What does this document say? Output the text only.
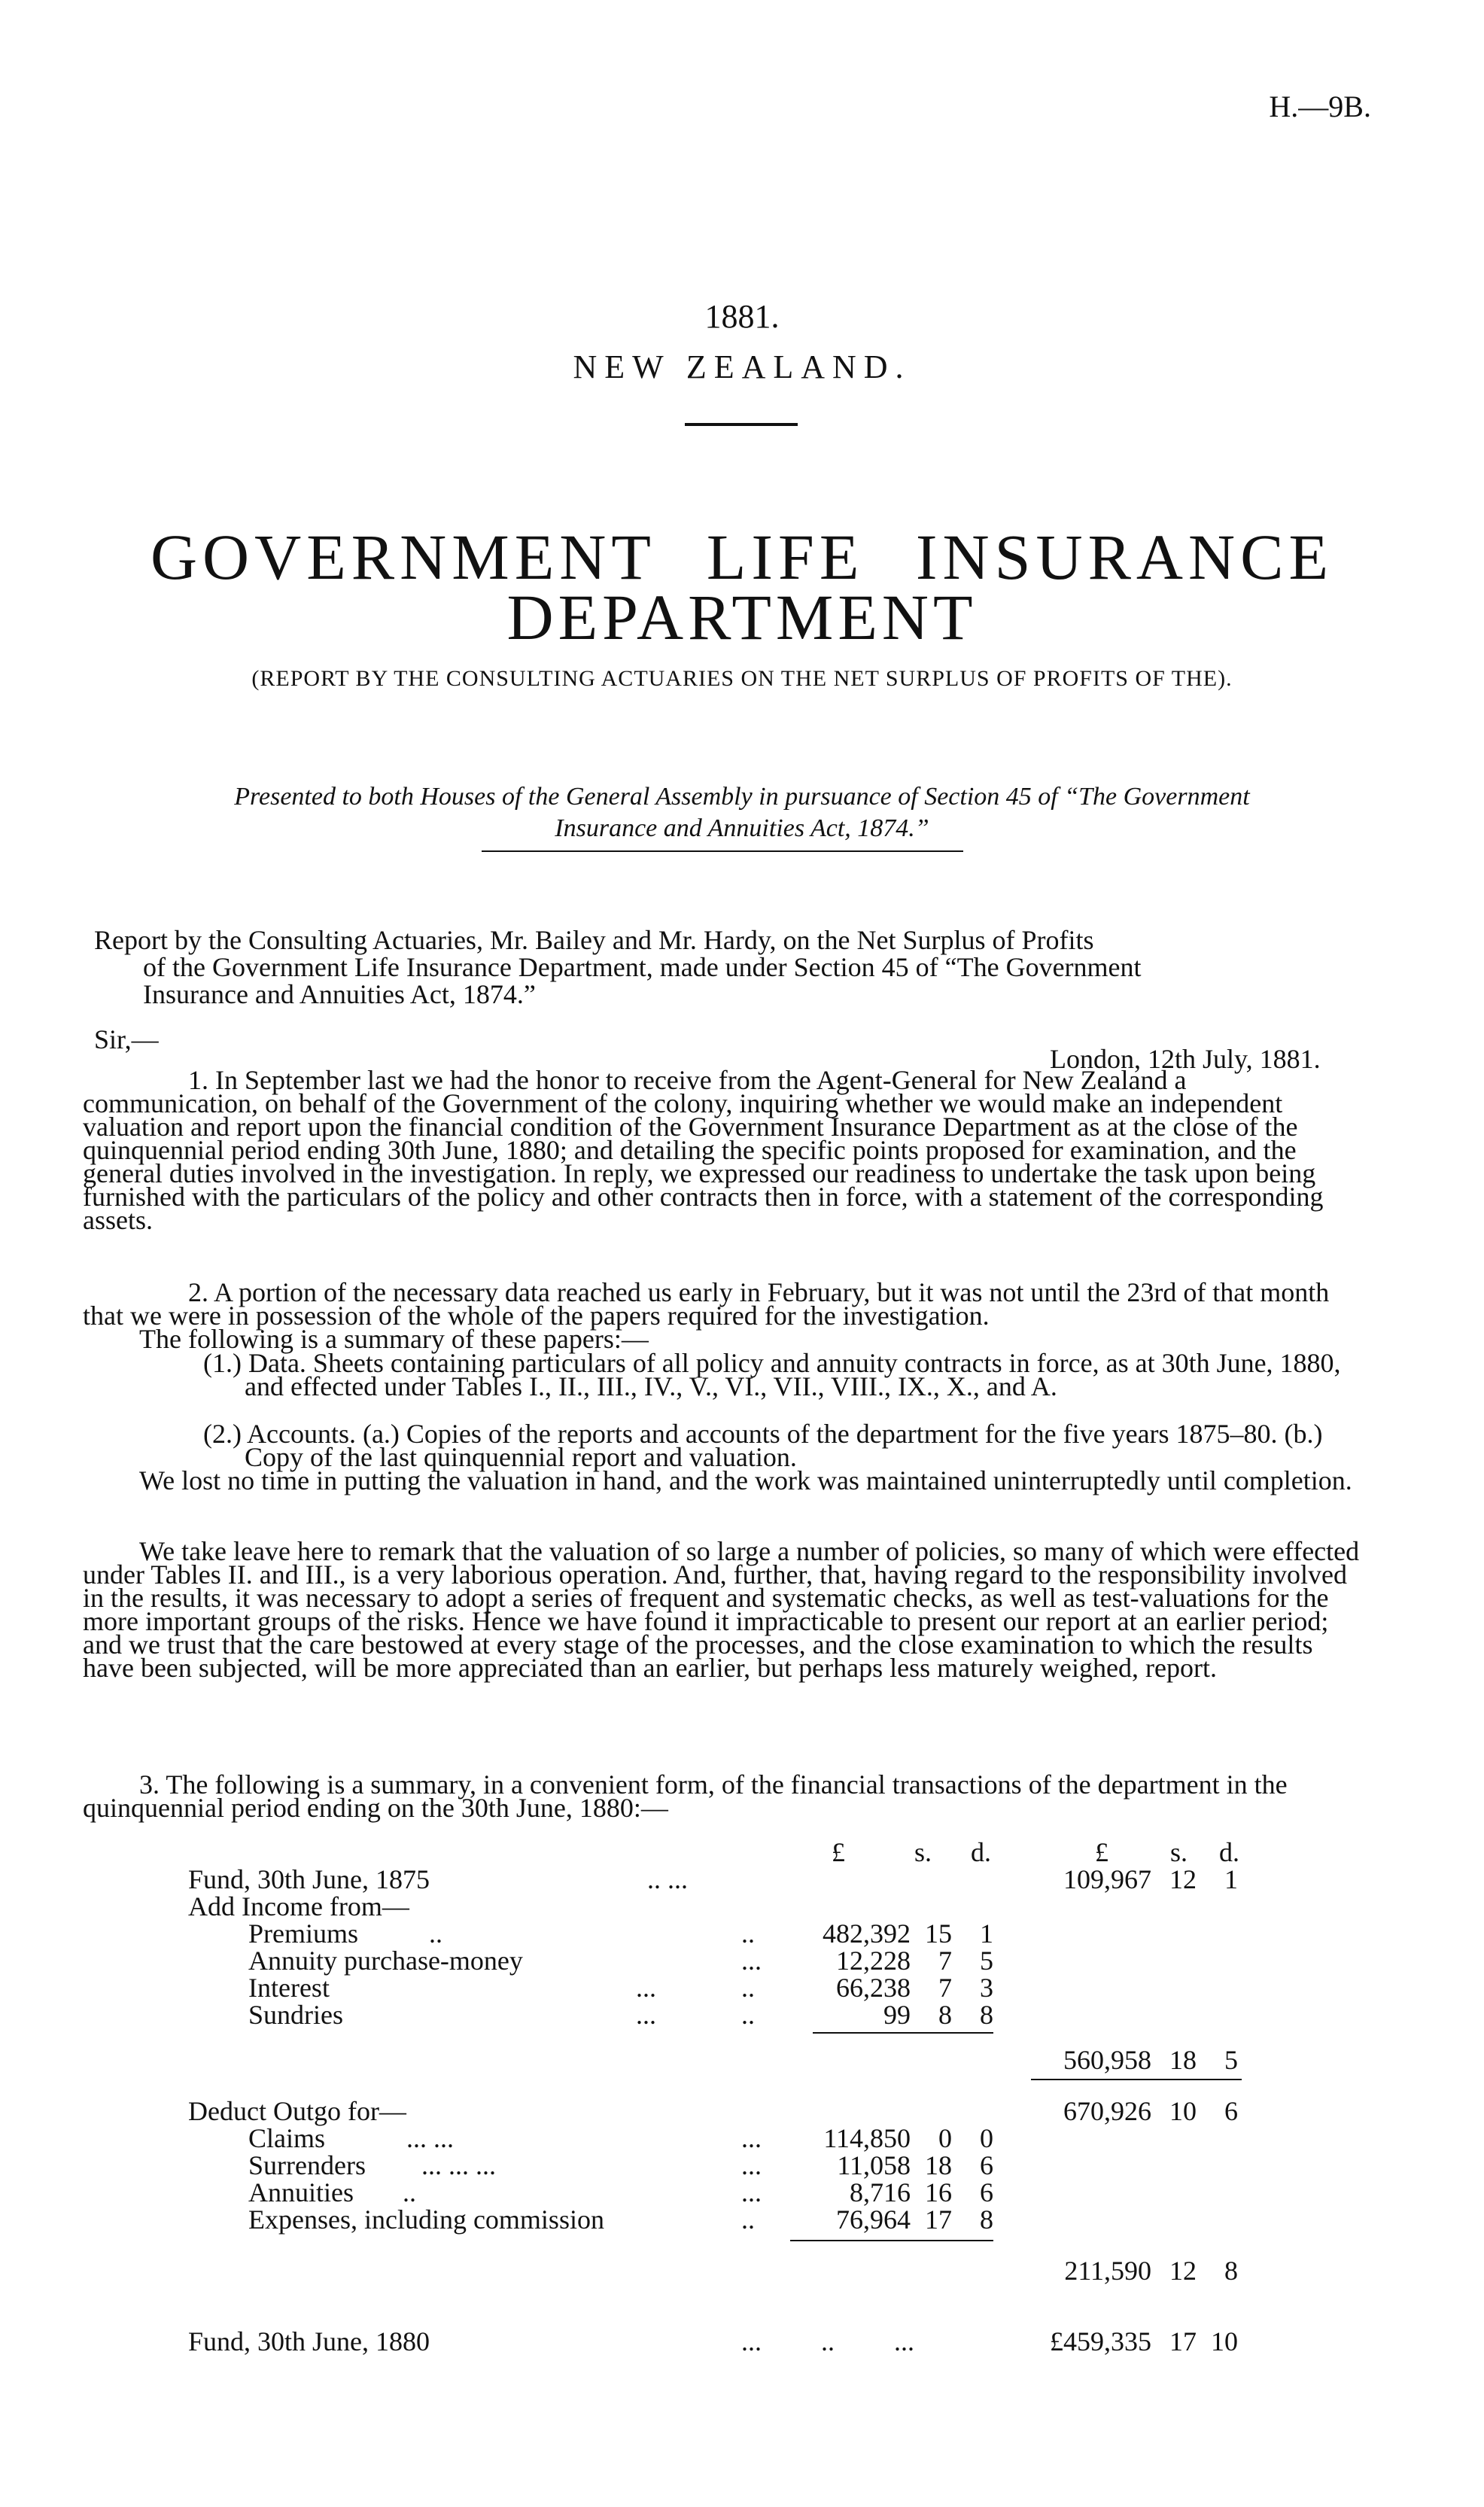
H.—9B.
1881.
NEW ZEALAND.
GOVERNMENT LIFE INSURANCE
DEPARTMENT
(REPORT BY THE CONSULTING ACTUARIES ON THE NET SURPLUS OF PROFITS OF THE).
Presented to both Houses of the General Assembly in pursuance of Section 45 of “The Government
Insurance and Annuities Act, 1874.”
Report by the Consulting Actuaries, Mr. Bailey and Mr. Hardy, on the Net Surplus of Profits
of the Government Life Insurance Department, made under Section 45 of “The Government
Insurance and Annuities Act, 1874.”
Sir,—
London, 12th July, 1881.
1. In September last we had the honor to receive from the Agent-General for New Zealand a communication, on behalf of the Government of the colony, inquiring whether we would make an independent valuation and report upon the financial condition of the Government Insurance Department as at the close of the quinquennial period ending 30th June, 1880; and detailing the specific points proposed for examination, and the general duties involved in the investigation. In reply, we expressed our readiness to undertake the task upon being furnished with the particulars of the policy and other contracts then in force, with a statement of the corresponding assets.
2. A portion of the necessary data reached us early in February, but it was not until the 23rd of that month that we were in possession of the whole of the papers required for the investigation.
The following is a summary of these papers:—
(1.) Data. Sheets containing particulars of all policy and annuity contracts in force, as at 30th June, 1880, and effected under Tables I., II., III., IV., V., VI., VII., VIII., IX., X., and A.
(2.) Accounts. (a.) Copies of the reports and accounts of the department for the five years 1875–80. (b.) Copy of the last quinquennial report and valuation.
We lost no time in putting the valuation in hand, and the work was maintained uninterruptedly until completion.
We take leave here to remark that the valuation of so large a number of policies, so many of which were effected under Tables II. and III., is a very laborious operation. And, further, that, having regard to the responsibility involved in the results, it was necessary to adopt a series of frequent and systematic checks, as well as test-valuations for the more important groups of the risks. Hence we have found it impracticable to present our report at an earlier period; and we trust that the care bestowed at every stage of the processes, and the close examination to which the results have been subjected, will be more appreciated than an earlier, but perhaps less maturely weighed, report.
3. The following is a summary, in a convenient form, of the financial transactions of the department in the quinquennial period ending on the 30th June, 1880:—
£	s. d.	£ s. d.
Fund, 30th June, 1875	.. ...	109,967 12	1
Add Income from—
Premiums	..	..	482,392 15	1
Annuity purchase-money	...	12,228	7	5
Interest	...	..	66,238	7	3
Sundries	...	..	99	8	8
560,958 18	5
Deduct Outgo for—	670,926 10	6
Claims	... ...	...	114,850	0	0
Surrenders ... ... ...	...	11,058 18	6
Annuities ..	...	8,716 16	6
Expenses, including commission	..	76,964 17	8
211,590 12	8
Fund, 30th June, 1880	... .. ...	£459,335 17 10
